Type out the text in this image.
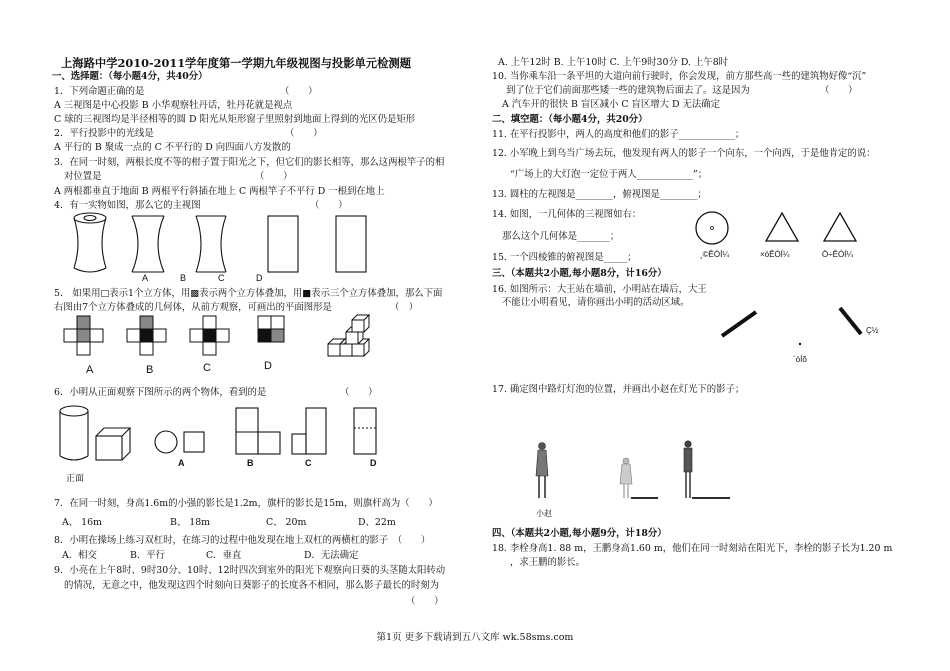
上海路中学2010-2011学年度第一学期九年级视图与投影单元检测题
一、选择题：（每小题4分，共40分）
1．下列命题正确的是	（　　）
A 三视图是中心投影 B 小华观察牡丹话，牡丹花就是视点
C 球的三视图均是半径相等的圆 D 阳光从矩形窗子里照射到地面上得到的光区仍是矩形
2．平行投影中的光线是	（　　）
A 平行的 B 聚成一点的 C 不平行的 D 向四面八方发散的
3．在同一时刻，两根长度不等的柑子置于阳光之下，但它们的影长相等，那么这两根竿子的相
对位置是	（　　）
A 两根都垂直于地面 B 两根平行斜插在地上 C 两根竿子不平行 D 一根到在地上
4．有一实物如图，那么它的主视图	（　　）
A	B	C	D
5． 如果用□表示1个立方体，用▩表示两个立方体叠加，用■表示三个立方体叠加，那么下面
右图由7个立方体叠成的几何体，从前方观察，可画出的平面图形是	（　）
A	B	C	D
6．小明从正面观察下图所示的两个物体，看到的是	（　　）
正面
A	B	C	D
7．在同一时刻，身高1.6m的小强的影长是1.2m，旗杆的影长是15m，则旗杆高为（　　）
A、 16m	B、 18m	C、 20m	D、22m
8．小明在操场上练习双杠时，在练习的过程中他发现在地上双杠的两横杠的影子　（　　）
A．相交	B．平行	C．垂直	D．无法确定
9．小亮在上午8时、9时30分、10时、12时四次到室外的阳光下观察向日葵的头茎随太阳转动
的情况，无意之中，他发现这四个时刻向日葵影子的长度各不相同，那么影子最长的时刻为
（　　）
A. 上午12时 B. 上午10时 C. 上午9时30分 D. 上午8时
10. 当你乘车沿一条平坦的大道向前行驶时，你会发现，前方那些高一些的建筑物好像“沉”
到了位于它们前面那些矮一些的建筑物后面去了。这是因为	（　　）
A 汽车开的很快 B 盲区减小 C 盲区增大 D 无法确定
二、填空题：（每小题4分，共20分）
11. 在平行投影中，两人的高度和他们的影子____________；
12. 小军晚上到乌当广场去玩，他发现有两人的影子一个向东，一个向西，于是他肯定的说：
“广场上的大灯泡一定位于两人____________”；
13. 圆柱的左视图是________，俯视图是________；
14. 如图，一几何体的三视图如右：
那么这个几何体是_______；
¸©ÊÓÍ¼	×óÊÓÍ¼	Ö÷ÊÓÍ¼
15. 一个四棱锥的俯视图是_____；
三、（本题共2小题,每小题8分，计16分）
16. 如图所示：大王站在墙前，小明站在墙后，大王
不能让小明看见，请你画出小明的活动区域。
Ç½
´óÍõ
17. 确定图中路灯灯泡的位置，并画出小赵在灯光下的影子；
小赵
四、（本题共2小题,每小题9分，计18分）
18. 李栓身高1. 88 m，王鹏身高1.60 m，他们在同一时刻站在阳光下，李栓的影子长为1.20 m
，求王鹏的影长。
第1页 更多下载请到五八文库 wk.58sms.com
